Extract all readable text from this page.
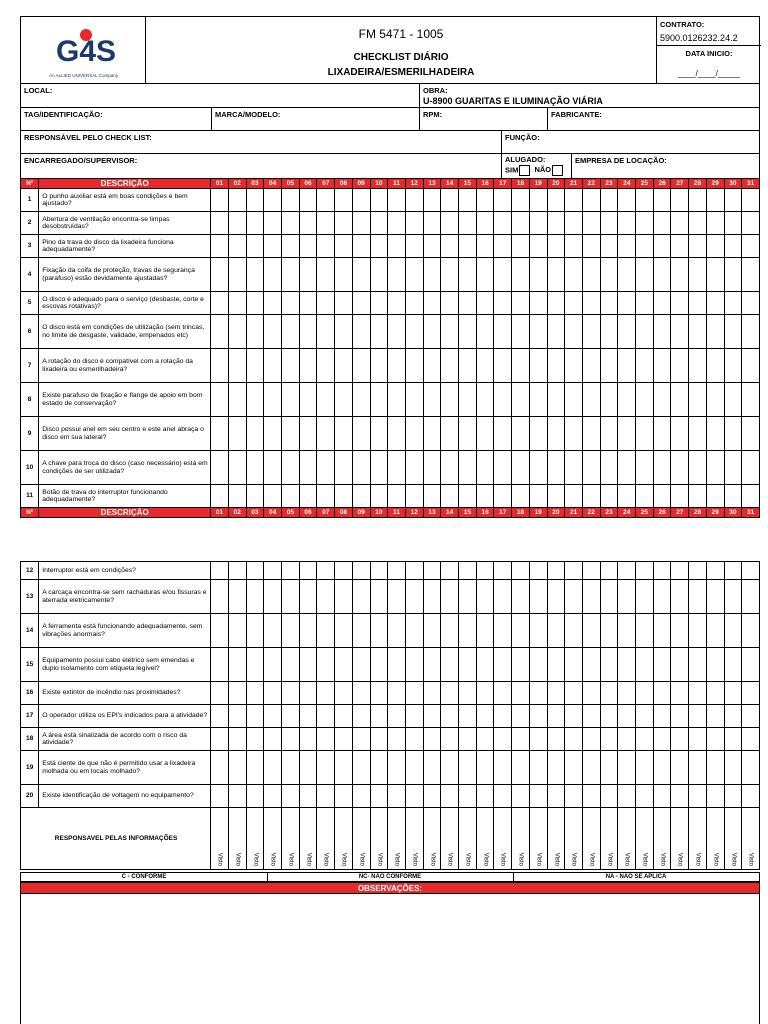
G4S
An ALLIED UNIVERSAL Company
FM 5471 - 1005
CHECKLIST DIÁRIO
LIXADEIRA/ESMERILHADEIRA
CONTRATO:
5900.0126232.24.2
DATA INICIO:
____/____/_____
LOCAL:	OBRA:
U-8900 GUARITAS E ILUMINAÇÃO VIÁRIA
TAG/IDENTIFICAÇÃO:	MARCA/MODELO:	RPM:	FABRICANTE:
RESPONSÁVEL PELO CHECK LIST:	FUNÇÃO:
ENCARREGADO/SUPERVISOR:	ALUGADO:
SIM NÃO
EMPRESA DE LOCAÇÃO:
Nº	DESCRIÇÃO	01	02	03	04	05	06	07	08	09	10	11	12	13	14	15	16	17	18	19	20	21	22	23	24	25	26	27	28	29	30	31
1	O punho auxiliar está em boas condições e bem ajustado?																															
2	Abertura de ventilação encontra-se limpas desobstruídas?																															
3	Pino da trava do disco da lixadeira funciona adequadamente?																															
4	Fixação da coifa de proteção, travas de segurança (parafuso) estão devidamente ajustadas?																															
5	O disco é adequado para o serviço (desbaste, corte e escovas rotativas)?																															
6	O disco está em condições de utilização (sem trincas, no limite de desgaste, validade, empenados etc)																															
7	A rotação do disco é compatível com a rotação da lixadeira ou esmerilhadeira?																															
8	Existe parafuso de fixação e flange de apoio em bom estado de conservação?																															
9	Disco possui anel em seu centro e este anel abraça o disco em sua lateral?																															
10	A chave para troca do disco (caso necessário) está em condições de ser utilizada?																															
11	Botão de trava do interruptor funcionando adequadamente?																															
Nº	DESCRIÇÃO	01	02	03	04	05	06	07	08	09	10	11	12	13	14	15	16	17	18	19	20	21	22	23	24	25	26	27	28	29	30	31
12	Interruptor está em condições?																															
13	A carcaça encontra-se sem rachaduras e/ou fissuras e aterrada eletricamente?																															
14	A ferramenta está funcionando adequadamente, sem vibrações anormais?																															
15	Equipamento possui cabo elétrico sem emendas e duplo isolamento com etiqueta legível?																															
16	Existe extintor de incêndio nas proximidades?																															
17	O operador utiliza os EPI's indicados para a atividade?																															
18	A área está sinalizada de acordo com o risco da atividade?																															
19	Está ciente de que não é permitido usar a lixadeira molhada ou em locais molhado?																															
20	Existe identificação de voltagem no equipamento?																															
RESPONSAVEL PELAS INFORMAÇÕES		Visto	Visto	Visto	Visto	Visto	Visto	Visto	Visto	Visto	Visto	Visto	Visto	Visto	Visto	Visto	Visto	Visto	Visto	Visto	Visto	Visto	Visto	Visto	Visto	Visto	Visto	Visto	Visto	Visto	Visto	Visto
C - CONFORME	NC- NÃO CONFORME	NA - NÃO SE APLICA
OBSERVAÇÕES:
